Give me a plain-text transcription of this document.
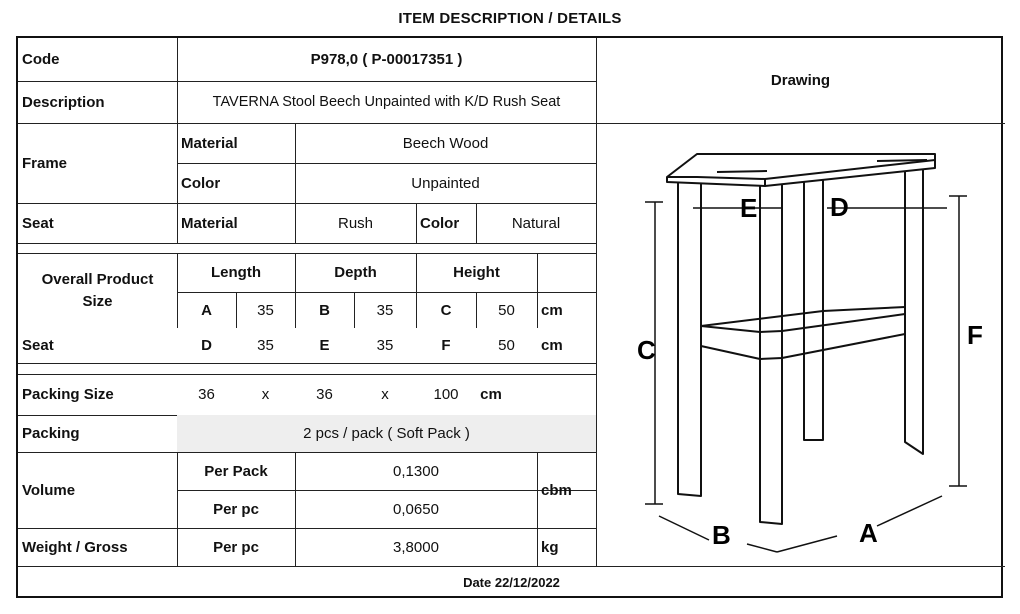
ITEM DESCRIPTION / DETAILS
Code	P978,0 ( P-00017351 )
Description	TAVERNA Stool Beech Unpainted with K/D Rush Seat
Frame
Material	Beech Wood
Color	Unpainted
Seat	Material	Rush	Color	Natural
Overall Product
Size
Length	Depth	Height
A	35	B	35	C	50	cm
Seat	D	35	E	35	F	50	cm
Packing Size	36	x	36	x	100	cm
Packing	2 pcs / pack ( Soft Pack )
Volume
Per Pack	0,1300
Per pc	0,0650
cbm
Weight / Gross	Per pc	3,8000	kg
Drawing
C	F
E	D
B	A
Date 22/12/2022
